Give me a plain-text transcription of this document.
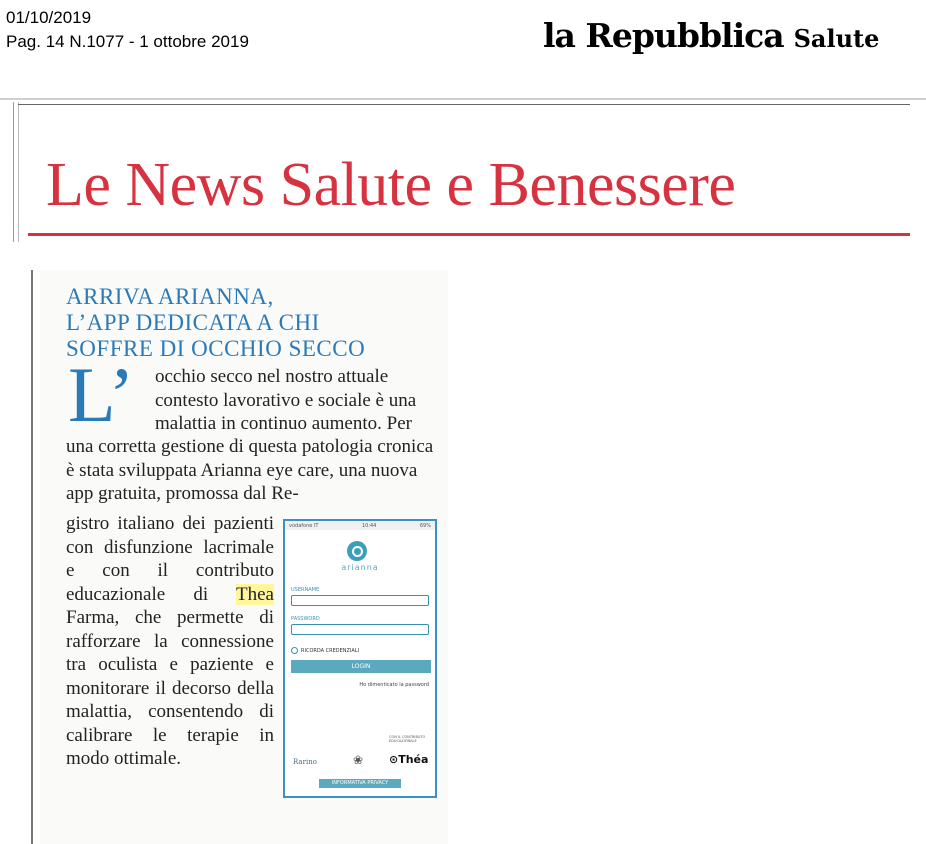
01/10/2019
Pag. 14 N.1077 - 1 ottobre 2019	la Repubblica Salute
Le News Salute e Benessere
ARRIVA ARIANNA,
L’APP DEDICATA A CHI
SOFFRE DI OCCHIO SECCO
L’ occhio secco nel nostro attuale contesto lavorativo e sociale è una malattia in continuo aumento. Per
una corretta gestione di questa patologia cronica è stata sviluppata Arianna eye care, una nuova app gratuita, promossa dal Re-
gistro italiano dei pazienti con disfunzione lacrimale e con il contributo educazionale di Thea Farma, che permette di rafforzare la connessione tra oculista e paziente e monitorare il decorso della malattia, consentendo di calibrare le terapie in modo ottimale.
vodafone IT	10:44	69%
arianna
USERNAME
PASSWORD
RICORDA CREDENZIALI
LOGIN
Ho dimenticato la password
CON IL CONTRIBUTO EDUCAZIONALE
Rarino	❀ ⊙Théa
INFORMATIVA PRIVACY
